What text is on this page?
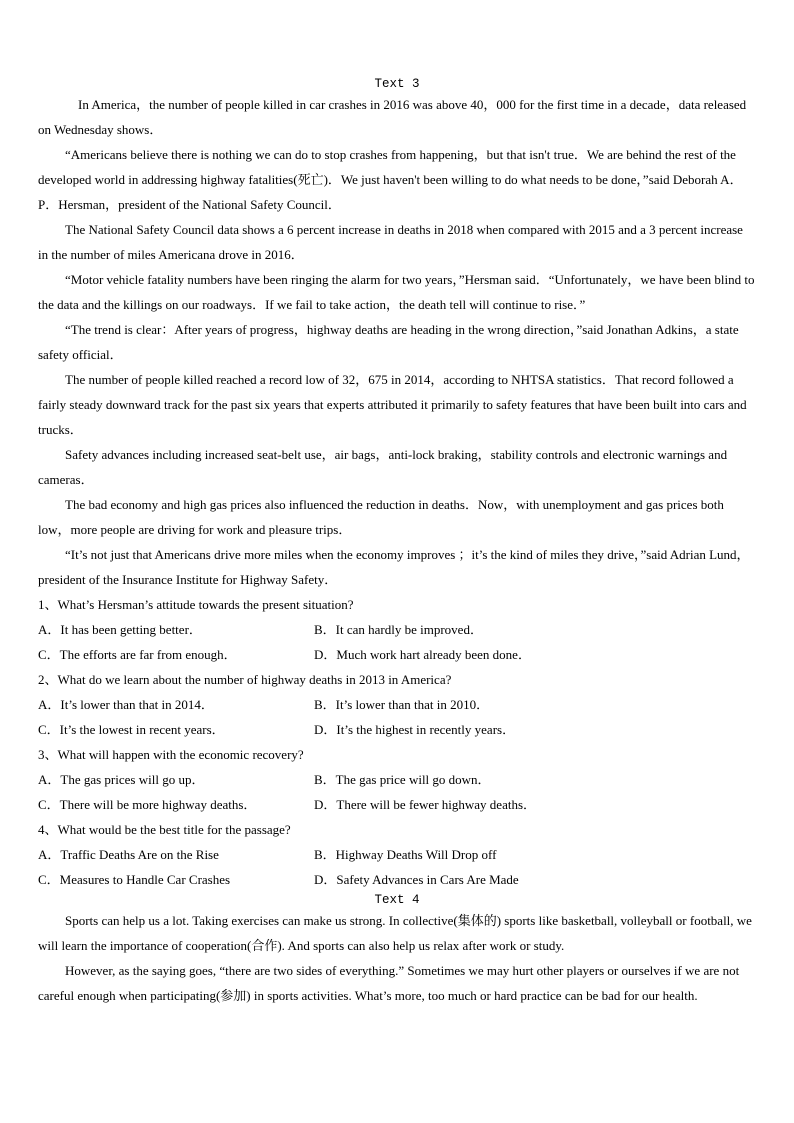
Text 3

In America，the number of people killed in car crashes in 2016 was above 40，000 for the first time in a decade，data released on Wednesday shows．

“Americans believe there is nothing we can do to stop crashes from happening，but that isn't true．We are behind the rest of the developed world in addressing highway fatalities(死亡)．We just haven't been willing to do what needs to be done，”said Deborah A．P．Hersman，president of the National Safety Council．

The National Safety Council data shows a 6 percent increase in deaths in 2018 when compared with 2015 and a 3 percent increase in the number of miles Americana drove in 2016．

“Motor vehicle fatality numbers have been ringing the alarm for two years，”Hersman said．“Unfortunately，we have been blind to the data and the killings on our roadways．If we fail to take action，the death tell will continue to rise．”

“The trend is clear：After years of progress，highway deaths are heading in the wrong direction，”said Jonathan Adkins，a state safety official．

The number of people killed reached a record low of 32，675 in 2014，according to NHTSA statistics．That record followed a fairly steady downward track for the past six years that experts attributed it primarily to safety features that have been built into cars and trucks．

Safety advances including increased seat-belt use，air bags，anti-lock braking，stability controls and electronic warnings and cameras．

The bad economy and high gas prices also influenced the reduction in deaths．Now，with unemployment and gas prices both low，more people are driving for work and pleasure trips．

“It’s not just that Americans drive more miles when the economy improves ；it’s the kind of miles they drive，”said Adrian Lund，president of the Insurance Institute for Highway Safety．

1、What’s Hersman’s attitude towards the present situation?

A．It has been getting better．	B．It can hardly be improved．
C．The efforts are far from enough．	D．Much work hart already been done．

2、What do we learn about the number of highway deaths in 2013 in America?

A．It’s lower than that in 2014．	B．It’s lower than that in 2010．
C．It’s the lowest in recent years．	D．It’s the highest in recently years．

3、What will happen with the economic recovery?

A．The gas prices will go up．	B．The gas price will go down．
C．There will be more highway deaths．	D．There will be fewer highway deaths．

4、What would be the best title for the passage?

A．Traffic Deaths Are on the Rise	B．Highway Deaths Will Drop off
C．Measures to Handle Car Crashes	D．Safety Advances in Cars Are Made
Text 4

Sports can help us a lot. Taking exercises can make us strong. In collective(集体的) sports like basketball, volleyball or football, we will learn the importance of cooperation(合作). And sports can also help us relax after work or study.

However, as the saying goes, “there are two sides of everything.” Sometimes we may hurt other players or ourselves if we are not careful enough when participating(参加) in sports activities. What’s more, too much or hard practice can be bad for our health.
